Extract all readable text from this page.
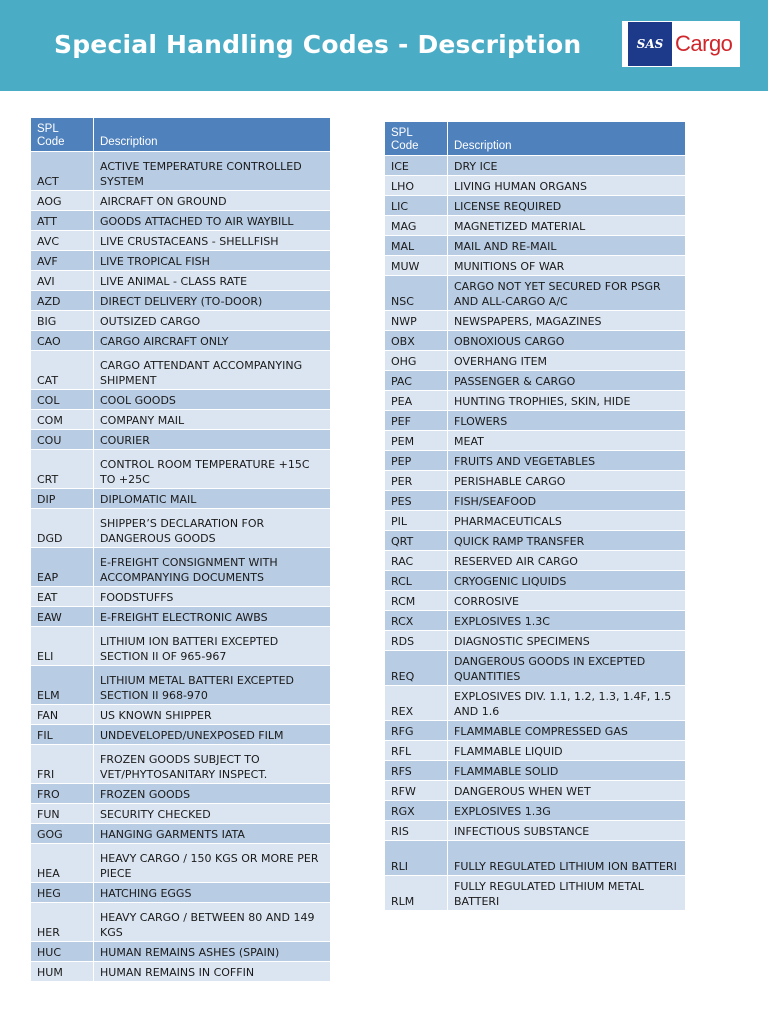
Special Handling Codes - Description	SAS Cargo
SPL Code	Description
ACT	ACTIVE TEMPERATURE CONTROLLED SYSTEM
AOG	AIRCRAFT ON GROUND
ATT	GOODS ATTACHED TO AIR WAYBILL
AVC	LIVE CRUSTACEANS - SHELLFISH
AVF	LIVE TROPICAL FISH
AVI	LIVE ANIMAL - CLASS RATE
AZD	DIRECT DELIVERY (TO-DOOR)
BIG	OUTSIZED CARGO
CAO	CARGO AIRCRAFT ONLY
CAT	CARGO ATTENDANT ACCOMPANYING SHIPMENT
COL	COOL GOODS
COM	COMPANY MAIL
COU	COURIER
CRT	CONTROL ROOM TEMPERATURE +15C TO +25C
DIP	DIPLOMATIC MAIL
DGD	SHIPPER’S DECLARATION FOR DANGEROUS GOODS
EAP	E-FREIGHT CONSIGNMENT WITH ACCOMPANYING DOCUMENTS
EAT	FOODSTUFFS
EAW	E-FREIGHT ELECTRONIC AWBS
ELI	LITHIUM ION BATTERI EXCEPTED SECTION II OF 965-967
ELM	LITHIUM METAL BATTERI EXCEPTED SECTION II 968-970
FAN	US KNOWN SHIPPER
FIL	UNDEVELOPED/UNEXPOSED FILM
FRI	FROZEN GOODS SUBJECT TO VET/PHYTOSANITARY INSPECT.
FRO	FROZEN GOODS
FUN	SECURITY CHECKED
GOG	HANGING GARMENTS IATA
HEA	HEAVY CARGO / 150 KGS OR MORE PER PIECE
HEG	HATCHING EGGS
HER	HEAVY CARGO / BETWEEN 80 AND 149 KGS
HUC	HUMAN REMAINS ASHES (SPAIN)
HUM	HUMAN REMAINS IN COFFIN
SPL Code	Description
ICE	DRY ICE
LHO	LIVING HUMAN ORGANS
LIC	LICENSE REQUIRED
MAG	MAGNETIZED MATERIAL
MAL	MAIL AND RE-MAIL
MUW	MUNITIONS OF WAR
NSC	CARGO NOT YET SECURED FOR PSGR AND ALL-CARGO A/C
NWP	NEWSPAPERS, MAGAZINES
OBX	OBNOXIOUS CARGO
OHG	OVERHANG ITEM
PAC	PASSENGER & CARGO
PEA	HUNTING TROPHIES, SKIN, HIDE
PEF	FLOWERS
PEM	MEAT
PEP	FRUITS AND VEGETABLES
PER	PERISHABLE CARGO
PES	FISH/SEAFOOD
PIL	PHARMACEUTICALS
QRT	QUICK RAMP TRANSFER
RAC	RESERVED AIR CARGO
RCL	CRYOGENIC LIQUIDS
RCM	CORROSIVE
RCX	EXPLOSIVES 1.3C
RDS	DIAGNOSTIC SPECIMENS
REQ	DANGEROUS GOODS IN EXCEPTED QUANTITIES
REX	EXPLOSIVES DIV. 1.1, 1.2, 1.3, 1.4F, 1.5 AND 1.6
RFG	FLAMMABLE COMPRESSED GAS
RFL	FLAMMABLE LIQUID
RFS	FLAMMABLE SOLID
RFW	DANGEROUS WHEN WET
RGX	EXPLOSIVES 1.3G
RIS	INFECTIOUS SUBSTANCE
RLI	FULLY REGULATED LITHIUM ION BATTERI
RLM	FULLY REGULATED LITHIUM METAL BATTERI
